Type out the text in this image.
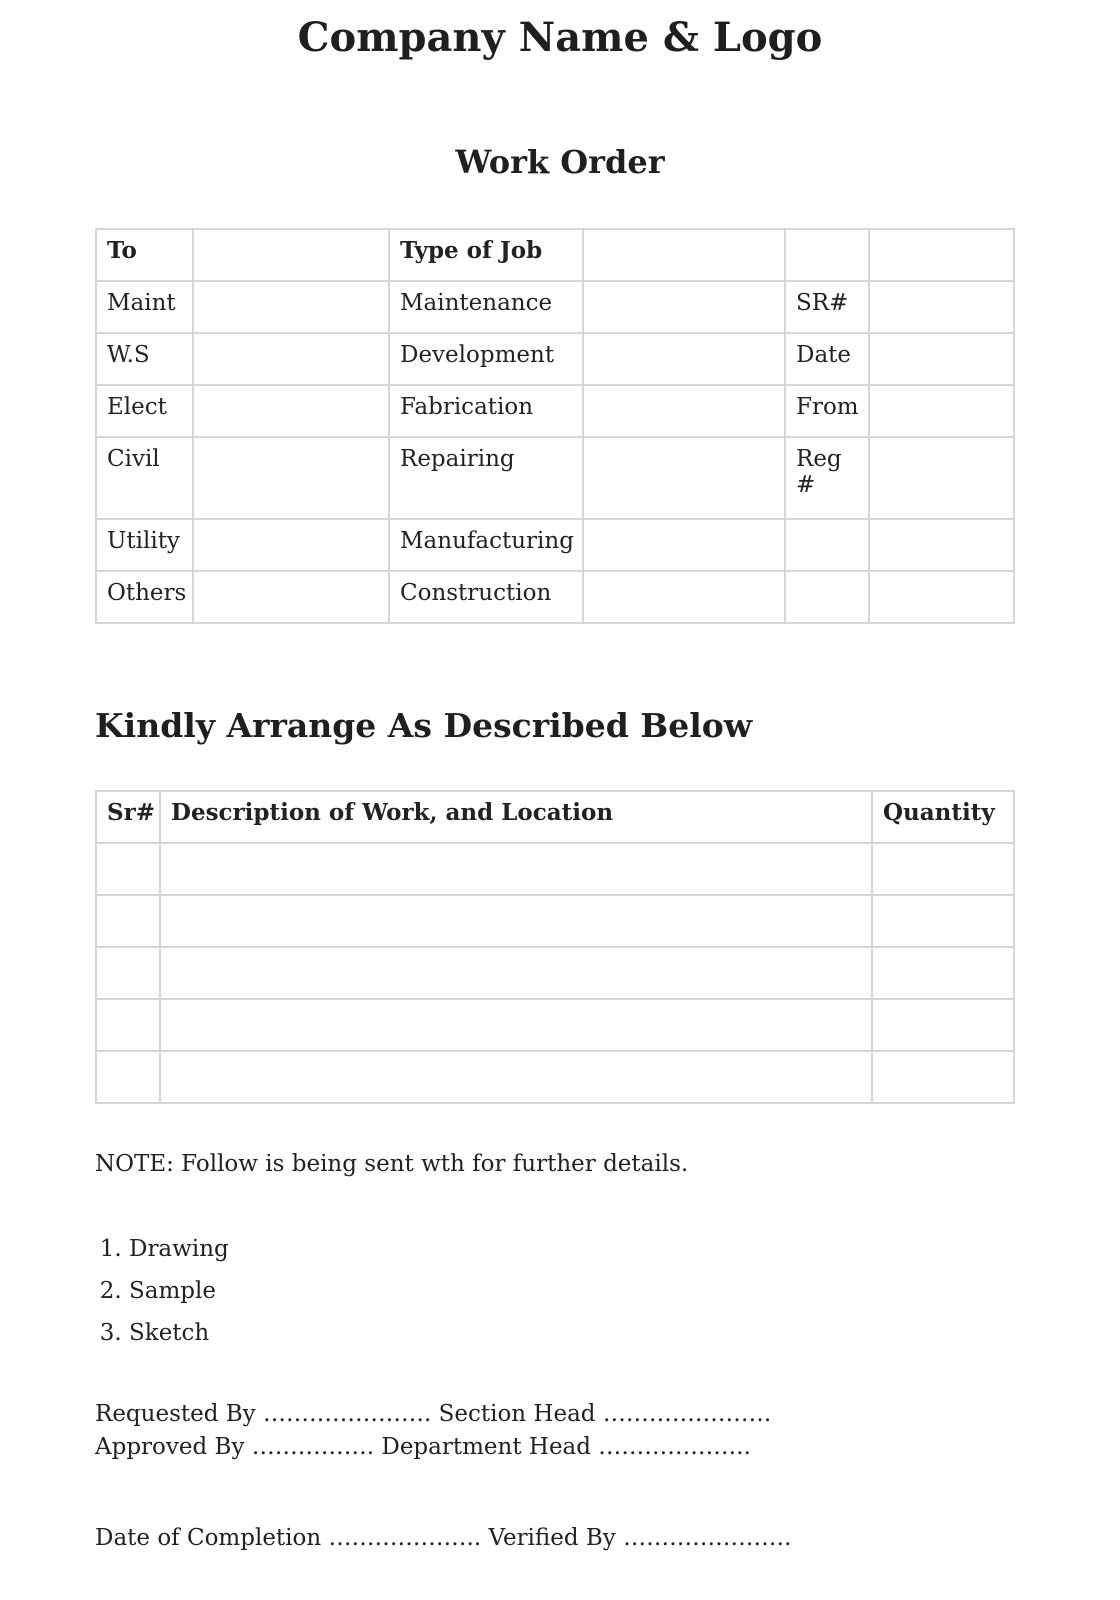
Company Name & Logo
Work Order
To		Type of Job			
Maint		Maintenance		SR#	
W.S		Development		Date	
Elect		Fabrication		From	
Civil		Repairing		Reg #	
Utility		Manufacturing			
Others		Construction			
Kindly Arrange As Described Below
Sr#	Description of Work, and Location	Quantity

NOTE: Follow is being sent wth for further details.
1. Drawing
2. Sample
3. Sketch
Requested By …………………. Section Head …………………. Approved By ……………. Department Head ………………..
Date of Completion ……………….. Verified By ………………….
